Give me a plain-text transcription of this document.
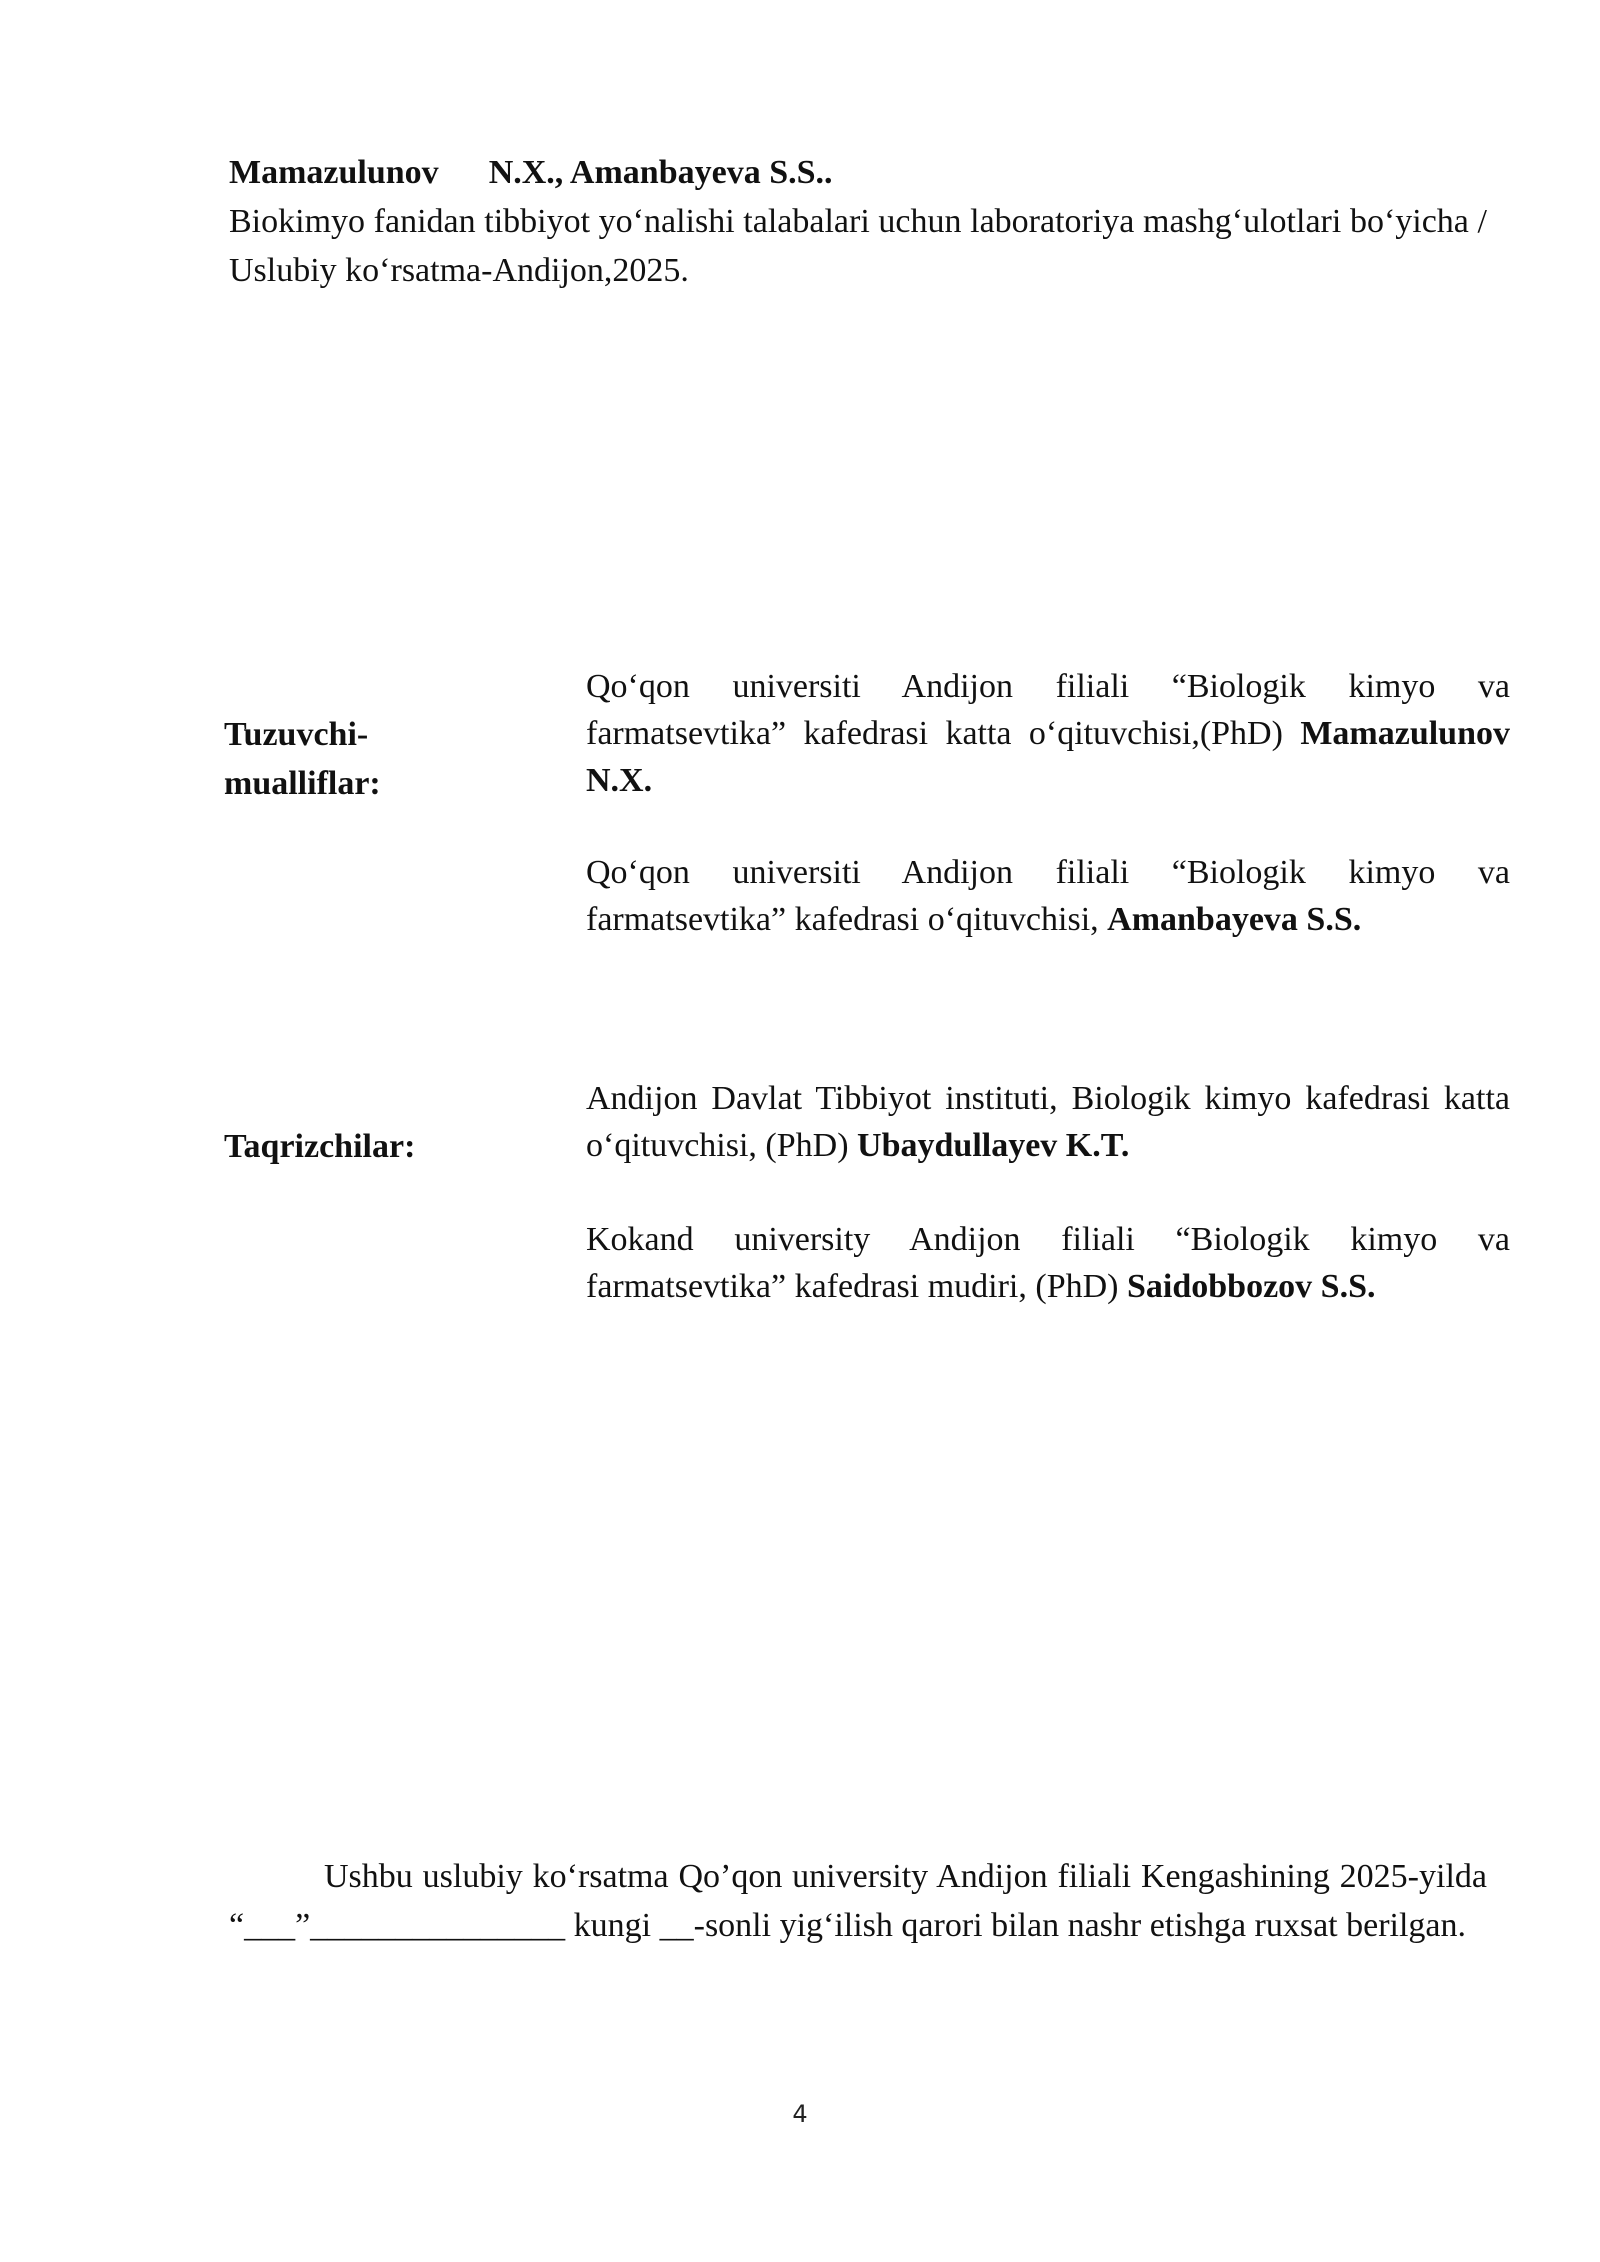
Mamazulunov N.X., Amanbayeva S.S..
Biokimyo fanidan tibbiyot yo‘nalishi talabalari uchun laboratoriya mashg‘ulotlari bo‘yicha / Uslubiy ko‘rsatma-Andijon,2025.
Tuzuvchi-
mualliflar:
Qo‘qon universiti Andijon filiali “Biologik kimyo va farmatsevtika” kafedrasi katta o‘qituvchisi,(PhD) Mamazulunov N.X.
Qo‘qon universiti Andijon filiali “Biologik kimyo va farmatsevtika” kafedrasi o‘qituvchisi, Amanbayeva S.S.
Taqrizchilar:
Andijon Davlat Tibbiyot instituti, Biologik kimyo kafedrasi katta o‘qituvchisi, (PhD) Ubaydullayev K.T.
Kokand university Andijon filiali “Biologik kimyo va farmatsevtika” kafedrasi mudiri, (PhD) Saidobbozov S.S.
Ushbu uslubiy ko‘rsatma Qo’qon university Andijon filiali Kengashining 2025-yilda “___”_______________ kungi __-sonli yig‘ilish qarori bilan nashr etishga ruxsat berilgan.
4
